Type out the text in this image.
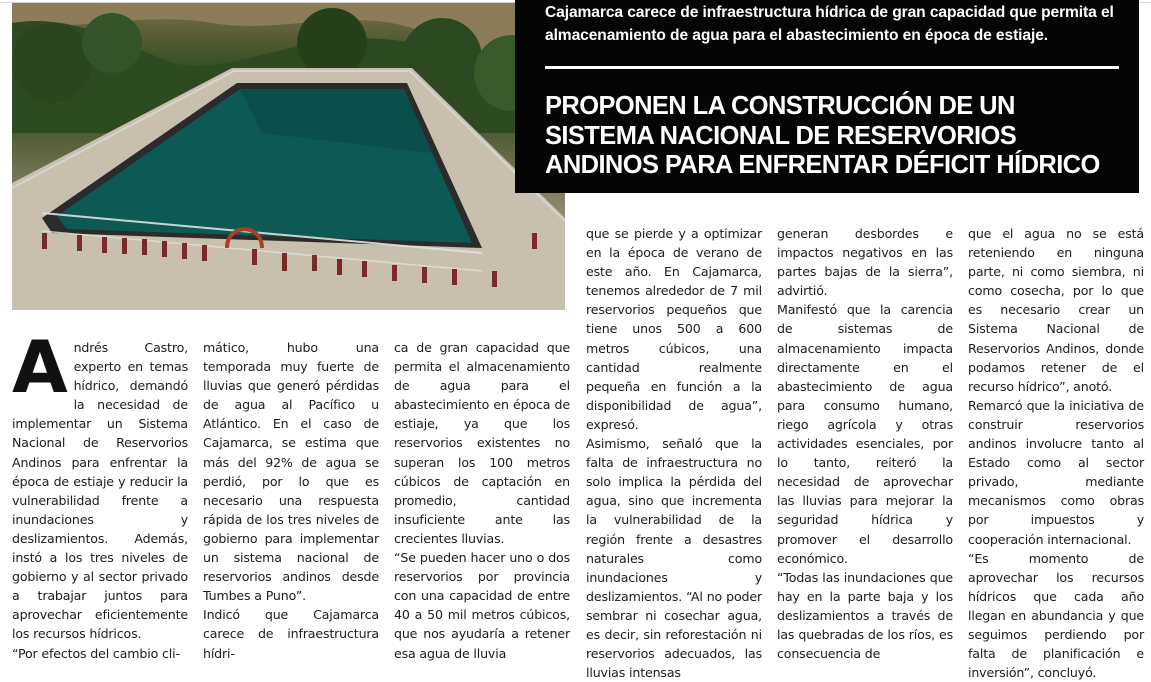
Cajamarca carece de infraestructura hídrica de gran capacidad que permita el almacenamiento de agua para el abastecimiento en época de estiaje.
PROPONEN LA CONSTRUCCIÓN DE UN SISTEMA NACIONAL DE RESERVORIOS ANDINOS PARA ENFRENTAR DÉFICIT HÍDRICO
A ndrés Castro, experto en temas hídrico, demandó la necesidad de implementar un Sistema Nacional de Reservorios Andinos para enfrentar la época de estiaje y reducir la vulnerabilidad frente a inundaciones y deslizamientos. Además, instó a los tres niveles de gobierno y al sector privado a trabajar juntos para aprovechar eficientemente los recursos hídricos.

“Por efectos del cambio cli-

mático, hubo una temporada muy fuerte de lluvias que generó pérdidas de agua al Pacífico u Atlántico. En el caso de Cajamarca, se estima que más del 92% de agua se perdió, por lo que es necesario una respuesta rápida de los tres niveles de gobierno para implementar un sistema nacional de reservorios andinos desde Tumbes a Puno”.

Indicó que Cajamarca carece de infraestructura hídri-

ca de gran capacidad que permita el almacenamiento de agua para el abastecimiento en época de estiaje, ya que los reservorios existentes no superan los 100 metros cúbicos de captación en promedio, cantidad insuficiente ante las crecientes lluvias.

“Se pueden hacer uno o dos reservorios por provincia con una capacidad de entre 40 a 50 mil metros cúbicos, que nos ayudaría a retener esa agua de lluvia

que se pierde y a optimizar en la época de verano de este año. En Cajamarca, tenemos alrededor de 7 mil reservorios pequeños que tiene unos 500 a 600 metros cúbicos, una cantidad realmente pequeña en función a la disponibilidad de agua”, expresó.

Asimismo, señaló que la falta de infraestructura no solo implica la pérdida del agua, sino que incrementa la vulnerabilidad de la región frente a desastres naturales como inundaciones y deslizamientos. “Al no poder sembrar ni cosechar agua, es decir, sin reforestación ni reservorios adecuados, las lluvias intensas

generan desbordes e impactos negativos en las partes bajas de la sierra”, advirtió.

Manifestó que la carencia de sistemas de almacenamiento impacta directamente en el abastecimiento de agua para consumo humano, riego agrícola y otras actividades esenciales, por lo tanto, reiteró la necesidad de aprovechar las lluvias para mejorar la seguridad hídrica y promover el desarrollo económico.

“Todas las inundaciones que hay en la parte baja y los deslizamientos a través de las quebradas de los ríos, es consecuencia de

que el agua no se está reteniendo en ninguna parte, ni como siembra, ni como cosecha, por lo que es necesario crear un Sistema Nacional de Reservorios Andinos, donde podamos retener de el recurso hídrico”, anotó.

Remarcó que la iniciativa de construir reservorios andinos involucre tanto al Estado como al sector privado, mediante mecanismos como obras por impuestos y cooperación internacional.

“Es momento de aprovechar los recursos hídricos que cada año llegan en abundancia y que seguimos perdiendo por falta de planificación e inversión”, concluyó.
